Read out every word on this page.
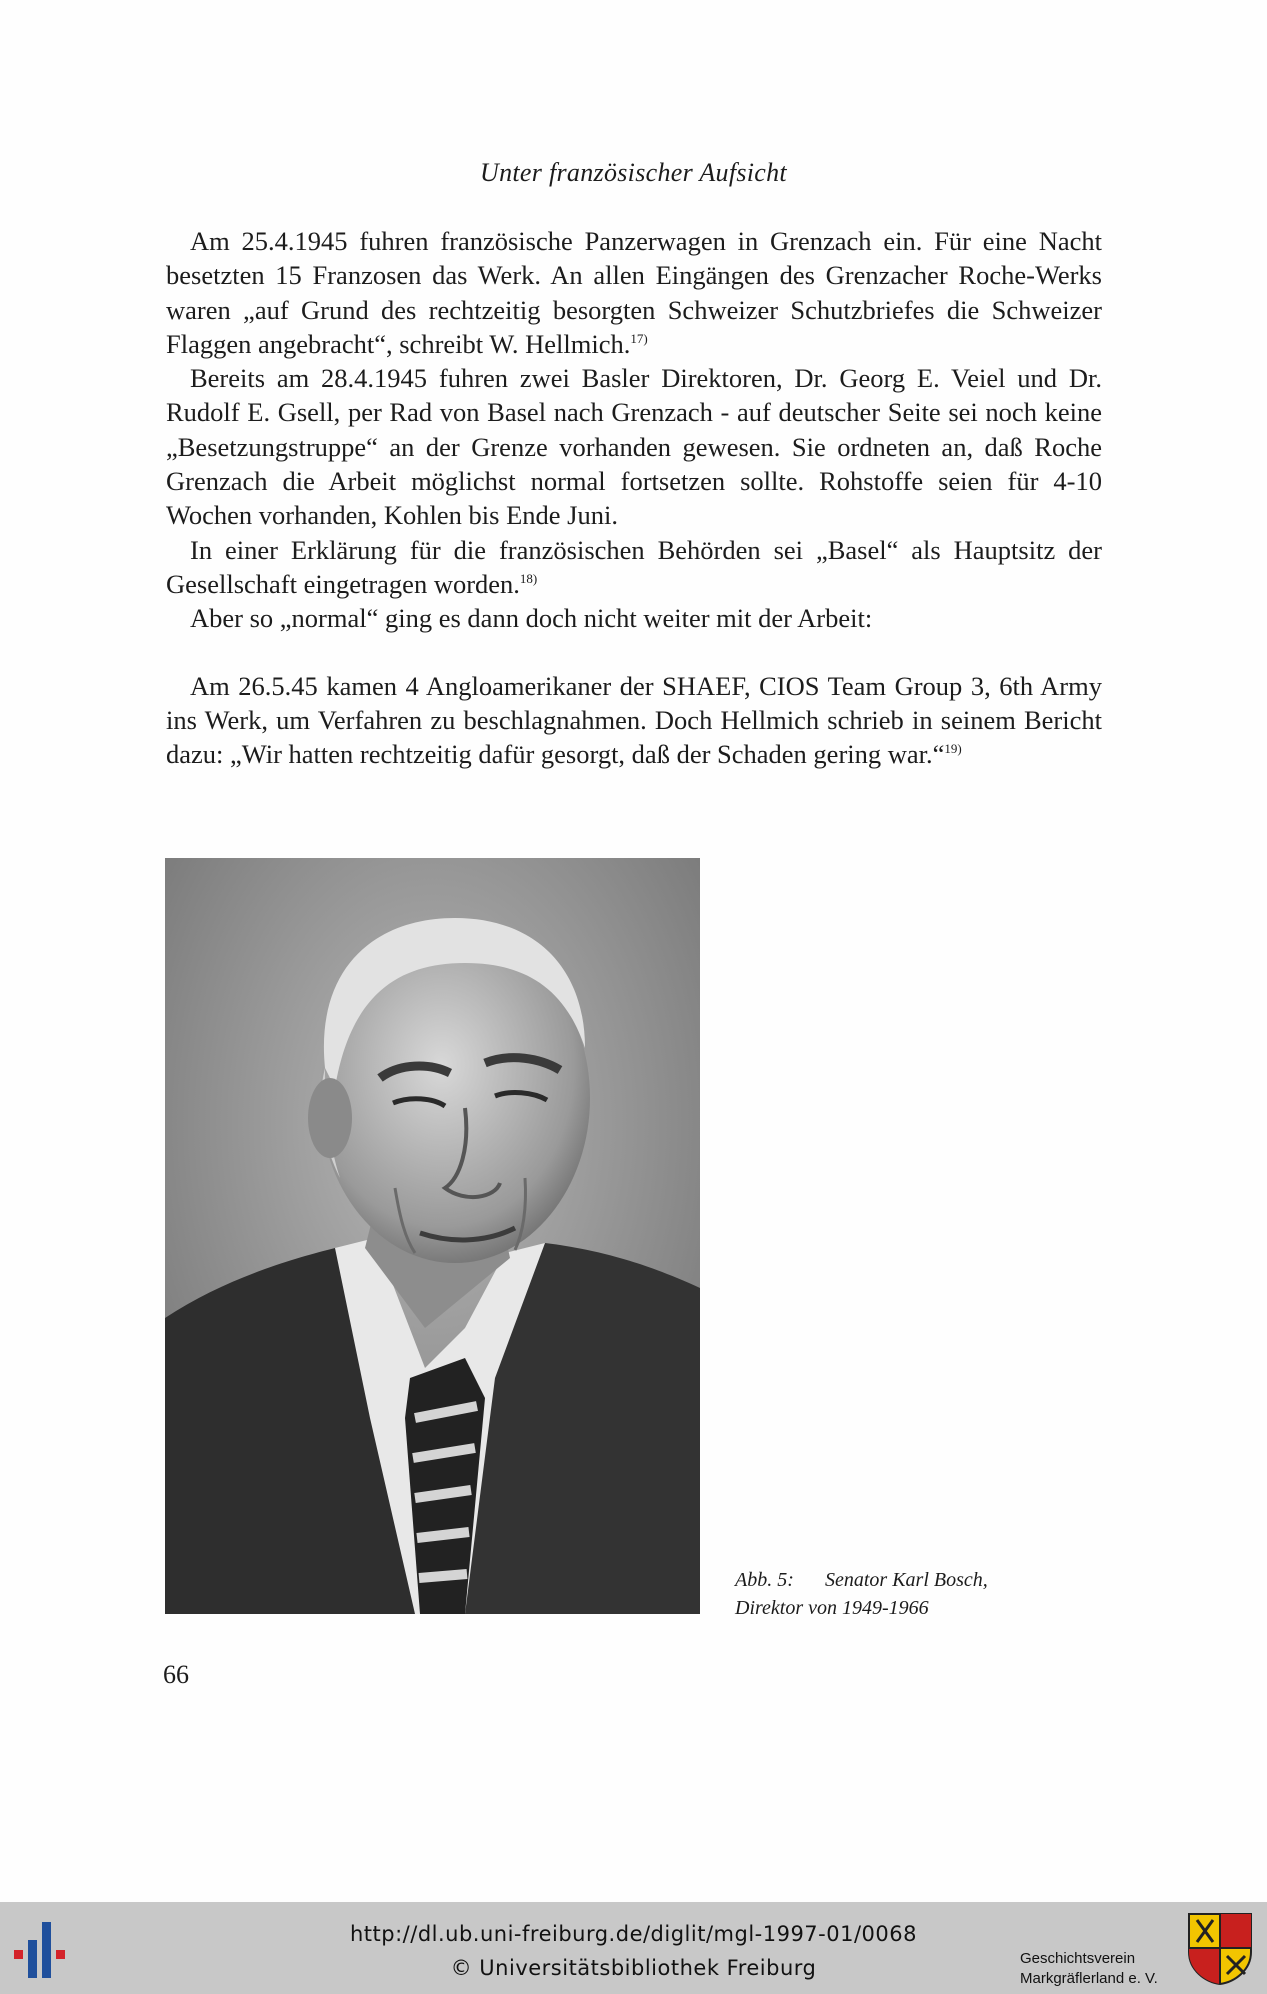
Unter französischer Aufsicht

Am 25.4.1945 fuhren französische Panzerwagen in Grenzach ein. Für eine Nacht besetzten 15 Franzosen das Werk. An allen Eingängen des Grenzacher Roche-Werks waren „auf Grund des rechtzeitig besorgten Schweizer Schutzbriefes die Schweizer Flaggen angebracht“, schreibt W. Hellmich.$^{17)}$

Bereits am 28.4.1945 fuhren zwei Basler Direktoren, Dr. Georg E. Veiel und Dr. Rudolf E. Gsell, per Rad von Basel nach Grenzach - auf deutscher Seite sei noch keine „Besetzungstruppe“ an der Grenze vorhanden gewesen. Sie ordneten an, daß Roche Grenzach die Arbeit möglichst normal fortsetzen sollte. Rohstoffe seien für 4-10 Wochen vorhanden, Kohlen bis Ende Juni.

In einer Erklärung für die französischen Behörden sei „Basel“ als Hauptsitz der Gesellschaft eingetragen worden.$^{18)}$

Aber so „normal“ ging es dann doch nicht weiter mit der Arbeit:

Am 26.5.45 kamen 4 Angloamerikaner der SHAEF, CIOS Team Group 3, 6th Army ins Werk, um Verfahren zu beschlagnahmen. Doch Hellmich schrieb in seinem Bericht dazu: „Wir hatten rechtzeitig dafür gesorgt, daß der Schaden gering war.“$^{19)}$

Abb. 5: Senator Karl Bosch,
Direktor von 1949-1966
66
http://dl.ub.uni-freiburg.de/diglit/mgl-1997-01/0068
© Universitätsbibliothek Freiburg	Geschichtsverein
Markgräflerland e. V.
